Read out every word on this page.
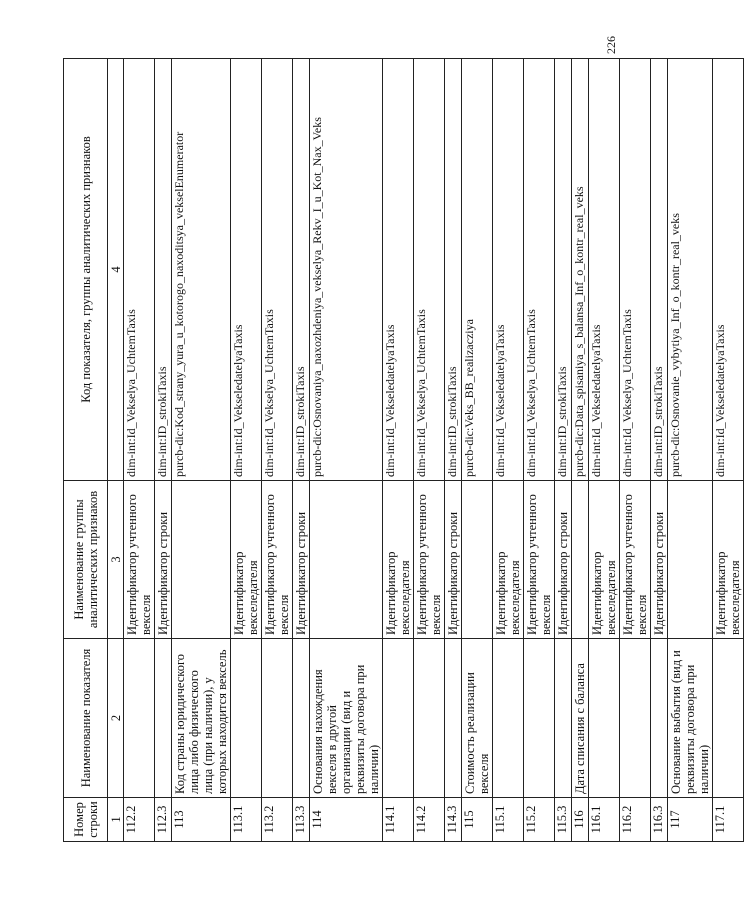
226
Номер строки	Наименование показателя	Наименование группы аналитических признаков	Код показателя, группы аналитических признаков
1	2	3	4
112.2		Идентификатор учтенного векселя	dim-int:Id_Vekselya_UchtemTaxis
112.3		Идентификатор строки	dim-int:ID_strokiTaxis
113	Код страны юридического лица либо физического лица (при наличии), у которых находится вексель		purcb-dic:Kod_strany_yura_u_kotorogo_naxoditsya_vekselEnumerator
113.1		Идентификатор векселедателя	dim-int:Id_VekseledatelyaTaxis
113.2		Идентификатор учтенного векселя	dim-int:Id_Vekselya_UchtemTaxis
113.3		Идентификатор строки	dim-int:ID_strokiTaxis
114	Основания нахождения векселя в другой организации (вид и реквизиты договора при наличии)		purcb-dic:Osnovaniya_naxozhdeniya_vekselya_Rekv_I_u_Kot_Nax_Veks
114.1		Идентификатор векселедателя	dim-int:Id_VekseledatelyaTaxis
114.2		Идентификатор учтенного векселя	dim-int:Id_Vekselya_UchtemTaxis
114.3		Идентификатор строки	dim-int:ID_strokiTaxis
115	Стоимость реализации векселя		purcb-dic:Veks_BB_realizacziya
115.1		Идентификатор векселедателя	dim-int:Id_VekseledatelyaTaxis
115.2		Идентификатор учтенного векселя	dim-int:Id_Vekselya_UchtemTaxis
115.3		Идентификатор строки	dim-int:ID_strokiTaxis
116	Дата списания с баланса		purcb-dic:Data_spisaniya_s_balansa_Inf_o_kontr_real_veks
116.1		Идентификатор векселедателя	dim-int:Id_VekseledatelyaTaxis
116.2		Идентификатор учтенного векселя	dim-int:Id_Vekselya_UchtemTaxis
116.3		Идентификатор строки	dim-int:ID_strokiTaxis
117	Основание выбытия (вид и реквизиты договора при наличии)		purcb-dic:Osnovanie_vybytiya_Inf_o_kontr_real_veks
117.1		Идентификатор векселедателя	dim-int:Id_VekseledatelyaTaxis
